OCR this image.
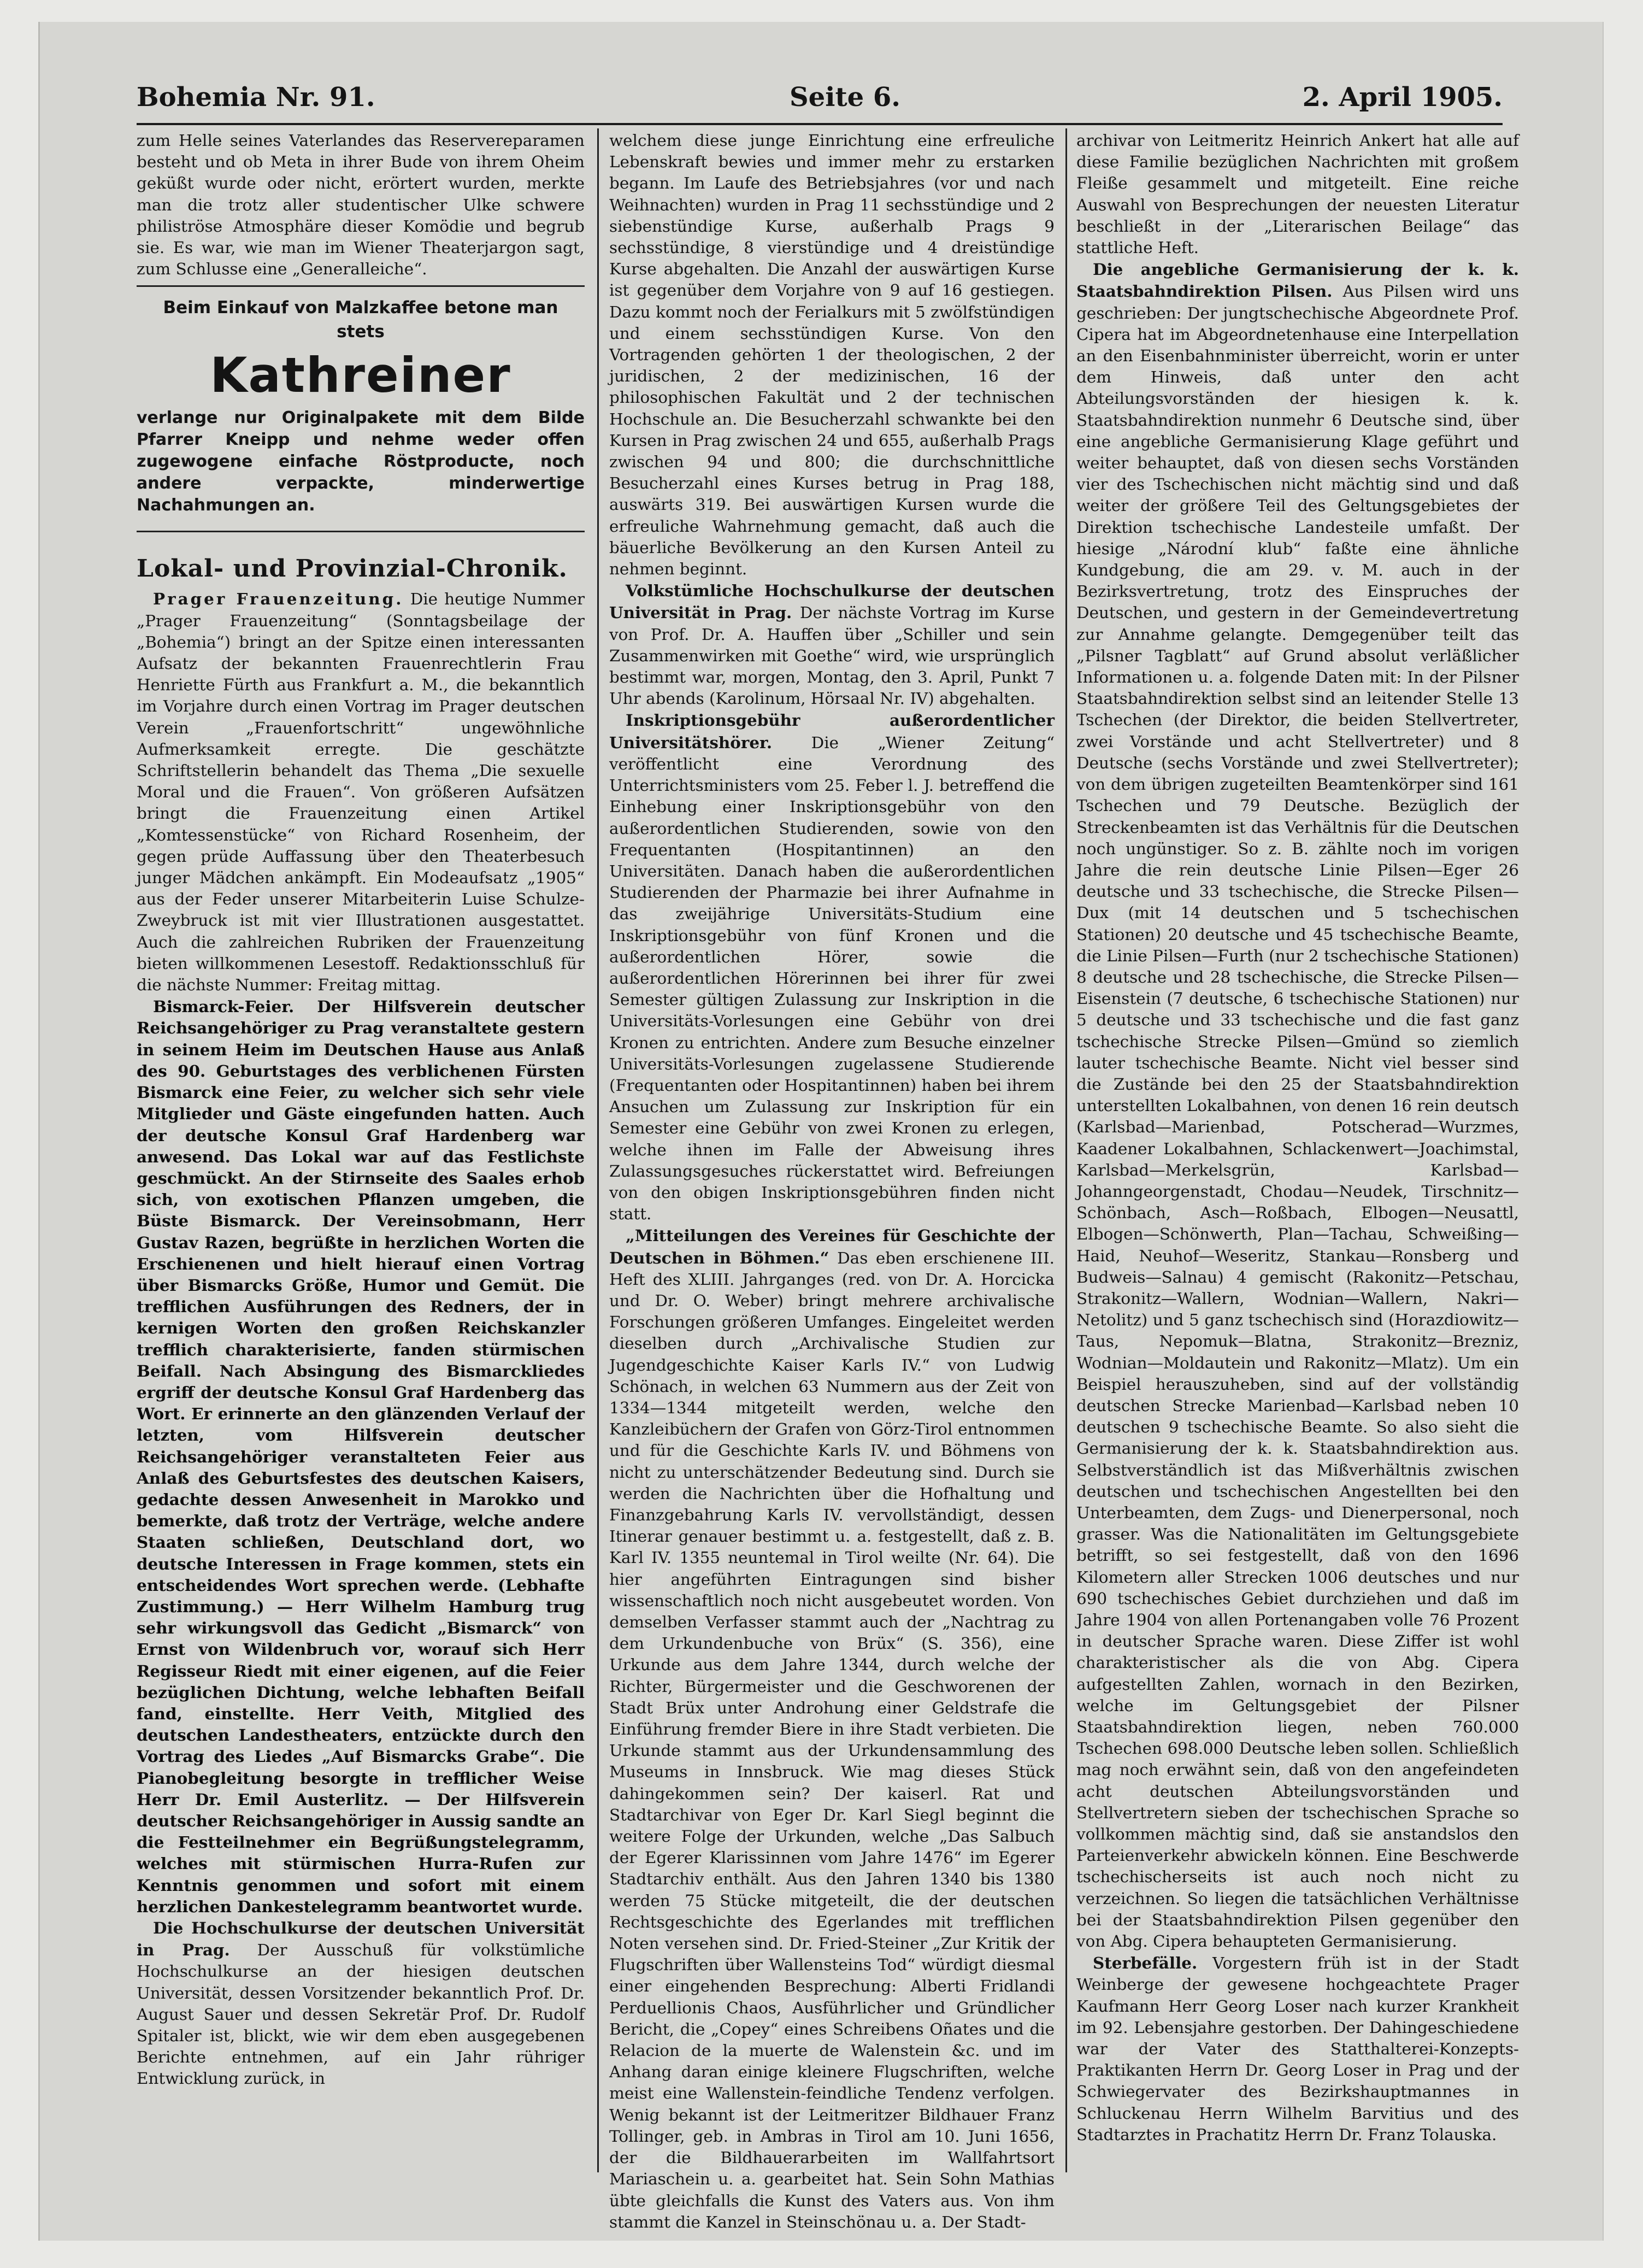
Bohemia Nr. 91.	Seite 6.	2. April 1905.

zum Helle seines Vaterlandes das Reservereparamen besteht und ob Meta in ihrer Bude von ihrem Oheim geküßt wurde oder nicht, erörtert wurden, merkte man die trotz aller studentischer Ulke schwere philiströse Atmosphäre dieser Komödie und begrub sie. Es war, wie man im Wiener Theaterjargon sagt, zum Schlusse eine „Generalleiche“.

Beim Einkauf von Malzkaffee betone man stets
Kathreiner
verlange nur Originalpakete mit dem Bilde Pfarrer Kneipp und nehme weder offen zugewogene einfache Röstproducte, noch andere verpackte, minderwertige Nachahmungen an.
Lokal- und Provinzial-Chronik.

Prager Frauenzeitung. Die heutige Nummer „Prager Frauenzeitung“ (Sonntagsbeilage der „Bohemia“) bringt an der Spitze einen interessanten Aufsatz der bekannten Frauenrechtlerin Frau Henriette Fürth aus Frankfurt a. M., die bekanntlich im Vorjahre durch einen Vortrag im Prager deutschen Verein „Frauenfortschritt“ ungewöhnliche Aufmerksamkeit erregte. Die geschätzte Schriftstellerin behandelt das Thema „Die sexuelle Moral und die Frauen“. Von größeren Aufsätzen bringt die Frauenzeitung einen Artikel „Komtessenstücke“ von Richard Rosenheim, der gegen prüde Auffassung über den Theaterbesuch junger Mädchen ankämpft. Ein Modeaufsatz „1905“ aus der Feder unserer Mitarbeiterin Luise Schulze-Zweybruck ist mit vier Illustrationen ausgestattet. Auch die zahlreichen Rubriken der Frauenzeitung bieten willkommenen Lesestoff. Redaktionsschluß für die nächste Nummer: Freitag mittag.

Bismarck-Feier. Der Hilfsverein deutscher Reichsangehöriger zu Prag veranstaltete gestern in seinem Heim im Deutschen Hause aus Anlaß des 90. Geburtstages des verblichenen Fürsten Bismarck eine Feier, zu welcher sich sehr viele Mitglieder und Gäste eingefunden hatten. Auch der deutsche Konsul Graf Hardenberg war anwesend. Das Lokal war auf das Festlichste geschmückt. An der Stirnseite des Saales erhob sich, von exotischen Pflanzen umgeben, die Büste Bismarck. Der Vereinsobmann, Herr Gustav Razen, begrüßte in herzlichen Worten die Erschienenen und hielt hierauf einen Vortrag über Bismarcks Größe, Humor und Gemüt. Die trefflichen Ausführungen des Redners, der in kernigen Worten den großen Reichskanzler trefflich charakterisierte, fanden stürmischen Beifall. Nach Absingung des Bismarckliedes ergriff der deutsche Konsul Graf Hardenberg das Wort. Er erinnerte an den glänzenden Verlauf der letzten, vom Hilfsverein deutscher Reichsangehöriger veranstalteten Feier aus Anlaß des Geburtsfestes des deutschen Kaisers, gedachte dessen Anwesenheit in Marokko und bemerkte, daß trotz der Verträge, welche andere Staaten schließen, Deutschland dort, wo deutsche Interessen in Frage kommen, stets ein entscheidendes Wort sprechen werde. (Lebhafte Zustimmung.) — Herr Wilhelm Hamburg trug sehr wirkungsvoll das Gedicht „Bismarck“ von Ernst von Wildenbruch vor, worauf sich Herr Regisseur Riedt mit einer eigenen, auf die Feier bezüglichen Dichtung, welche lebhaften Beifall fand, einstellte. Herr Veith, Mitglied des deutschen Landestheaters, entzückte durch den Vortrag des Liedes „Auf Bismarcks Grabe“. Die Pianobegleitung besorgte in trefflicher Weise Herr Dr. Emil Austerlitz. — Der Hilfsverein deutscher Reichsangehöriger in Aussig sandte an die Festteilnehmer ein Begrüßungstelegramm, welches mit stürmischen Hurra-Rufen zur Kenntnis genommen und sofort mit einem herzlichen Dankestelegramm beantwortet wurde.

Die Hochschulkurse der deutschen Universität in Prag. Der Ausschuß für volkstümliche Hochschulkurse an der hiesigen deutschen Universität, dessen Vorsitzender bekanntlich Prof. Dr. August Sauer und dessen Sekretär Prof. Dr. Rudolf Spitaler ist, blickt, wie wir dem eben ausgegebenen Berichte entnehmen, auf ein Jahr rühriger Entwicklung zurück, in

welchem diese junge Einrichtung eine erfreuliche Lebenskraft bewies und immer mehr zu erstarken begann. Im Laufe des Betriebsjahres (vor und nach Weihnachten) wurden in Prag 11 sechsstündige und 2 siebenstündige Kurse, außerhalb Prags 9 sechsstündige, 8 vierstündige und 4 dreistündige Kurse abgehalten. Die Anzahl der auswärtigen Kurse ist gegenüber dem Vorjahre von 9 auf 16 gestiegen. Dazu kommt noch der Ferialkurs mit 5 zwölfstündigen und einem sechsstündigen Kurse. Von den Vortragenden gehörten 1 der theologischen, 2 der juridischen, 2 der medizinischen, 16 der philosophischen Fakultät und 2 der technischen Hochschule an. Die Besucherzahl schwankte bei den Kursen in Prag zwischen 24 und 655, außerhalb Prags zwischen 94 und 800; die durchschnittliche Besucherzahl eines Kurses betrug in Prag 188, auswärts 319. Bei auswärtigen Kursen wurde die erfreuliche Wahrnehmung gemacht, daß auch die bäuerliche Bevölkerung an den Kursen Anteil zu nehmen beginnt.

Volkstümliche Hochschulkurse der deutschen Universität in Prag. Der nächste Vortrag im Kurse von Prof. Dr. A. Hauffen über „Schiller und sein Zusammenwirken mit Goethe“ wird, wie ursprünglich bestimmt war, morgen, Montag, den 3. April, Punkt 7 Uhr abends (Karolinum, Hörsaal Nr. IV) abgehalten.

Inskriptionsgebühr außerordentlicher Universitätshörer. Die „Wiener Zeitung“ veröffentlicht eine Verordnung des Unterrichtsministers vom 25. Feber l. J. betreffend die Einhebung einer Inskriptionsgebühr von den außerordentlichen Studierenden, sowie von den Frequentanten (Hospitantinnen) an den Universitäten. Danach haben die außerordentlichen Studierenden der Pharmazie bei ihrer Aufnahme in das zweijährige Universitäts-Studium eine Inskriptionsgebühr von fünf Kronen und die außerordentlichen Hörer, sowie die außerordentlichen Hörerinnen bei ihrer für zwei Semester gültigen Zulassung zur Inskription in die Universitäts-Vorlesungen eine Gebühr von drei Kronen zu entrichten. Andere zum Besuche einzelner Universitäts-Vorlesungen zugelassene Studierende (Frequentanten oder Hospitantinnen) haben bei ihrem Ansuchen um Zulassung zur Inskription für ein Semester eine Gebühr von zwei Kronen zu erlegen, welche ihnen im Falle der Abweisung ihres Zulassungsgesuches rückerstattet wird. Befreiungen von den obigen Inskriptionsgebühren finden nicht statt.

„Mitteilungen des Vereines für Geschichte der Deutschen in Böhmen.“ Das eben erschienene III. Heft des XLIII. Jahrganges (red. von Dr. A. Horcicka und Dr. O. Weber) bringt mehrere archivalische Forschungen größeren Umfanges. Eingeleitet werden dieselben durch „Archivalische Studien zur Jugendgeschichte Kaiser Karls IV.“ von Ludwig Schönach, in welchen 63 Nummern aus der Zeit von 1334—1344 mitgeteilt werden, welche den Kanzleibüchern der Grafen von Görz-Tirol entnommen und für die Geschichte Karls IV. und Böhmens von nicht zu unterschätzender Bedeutung sind. Durch sie werden die Nachrichten über die Hofhaltung und Finanzgebahrung Karls IV. vervollständigt, dessen Itinerar genauer bestimmt u. a. festgestellt, daß z. B. Karl IV. 1355 neuntemal in Tirol weilte (Nr. 64). Die hier angeführten Eintragungen sind bisher wissenschaftlich noch nicht ausgebeutet worden. Von demselben Verfasser stammt auch der „Nachtrag zu dem Urkundenbuche von Brüx“ (S. 356), eine Urkunde aus dem Jahre 1344, durch welche der Richter, Bürgermeister und die Geschworenen der Stadt Brüx unter Androhung einer Geldstrafe die Einführung fremder Biere in ihre Stadt verbieten. Die Urkunde stammt aus der Urkundensammlung des Museums in Innsbruck. Wie mag dieses Stück dahingekommen sein? Der kaiserl. Rat und Stadtarchivar von Eger Dr. Karl Siegl beginnt die weitere Folge der Urkunden, welche „Das Salbuch der Egerer Klarissinnen vom Jahre 1476“ im Egerer Stadtarchiv enthält. Aus den Jahren 1340 bis 1380 werden 75 Stücke mitgeteilt, die der deutschen Rechtsgeschichte des Egerlandes mit trefflichen Noten versehen sind. Dr. Fried-Steiner „Zur Kritik der Flugschriften über Wallensteins Tod“ würdigt diesmal einer eingehenden Besprechung: Alberti Fridlandi Perduellionis Chaos, Ausführlicher und Gründlicher Bericht, die „Copey“ eines Schreibens Oñates und die Relacion de la muerte de Walenstein &c. und im Anhang daran einige kleinere Flugschriften, welche meist eine Wallenstein-feindliche Tendenz verfolgen. Wenig bekannt ist der Leitmeritzer Bildhauer Franz Tollinger, geb. in Ambras in Tirol am 10. Juni 1656, der die Bildhauerarbeiten im Wallfahrtsort Mariaschein u. a. gearbeitet hat. Sein Sohn Mathias übte gleichfalls die Kunst des Vaters aus. Von ihm stammt die Kanzel in Steinschönau u. a. Der Stadt-

archivar von Leitmeritz Heinrich Ankert hat alle auf diese Familie bezüglichen Nachrichten mit großem Fleiße gesammelt und mitgeteilt. Eine reiche Auswahl von Besprechungen der neuesten Literatur beschließt in der „Literarischen Beilage“ das stattliche Heft.

Die angebliche Germanisierung der k. k. Staatsbahndirektion Pilsen. Aus Pilsen wird uns geschrieben: Der jungtschechische Abgeordnete Prof. Cipera hat im Abgeordnetenhause eine Interpellation an den Eisenbahnminister überreicht, worin er unter dem Hinweis, daß unter den acht Abteilungsvorständen der hiesigen k. k. Staatsbahndirektion nunmehr 6 Deutsche sind, über eine angebliche Germanisierung Klage geführt und weiter behauptet, daß von diesen sechs Vorständen vier des Tschechischen nicht mächtig sind und daß weiter der größere Teil des Geltungsgebietes der Direktion tschechische Landesteile umfaßt. Der hiesige „Národní klub“ faßte eine ähnliche Kundgebung, die am 29. v. M. auch in der Bezirksvertretung, trotz des Einspruches der Deutschen, und gestern in der Gemeindevertretung zur Annahme gelangte. Demgegenüber teilt das „Pilsner Tagblatt“ auf Grund absolut verläßlicher Informationen u. a. folgende Daten mit: In der Pilsner Staatsbahndirektion selbst sind an leitender Stelle 13 Tschechen (der Direktor, die beiden Stellvertreter, zwei Vorstände und acht Stellvertreter) und 8 Deutsche (sechs Vorstände und zwei Stellvertreter); von dem übrigen zugeteilten Beamtenkörper sind 161 Tschechen und 79 Deutsche. Bezüglich der Streckenbeamten ist das Verhältnis für die Deutschen noch ungünstiger. So z. B. zählte noch im vorigen Jahre die rein deutsche Linie Pilsen—Eger 26 deutsche und 33 tschechische, die Strecke Pilsen—Dux (mit 14 deutschen und 5 tschechischen Stationen) 20 deutsche und 45 tschechische Beamte, die Linie Pilsen—Furth (nur 2 tschechische Stationen) 8 deutsche und 28 tschechische, die Strecke Pilsen—Eisenstein (7 deutsche, 6 tschechische Stationen) nur 5 deutsche und 33 tschechische und die fast ganz tschechische Strecke Pilsen—Gmünd so ziemlich lauter tschechische Beamte. Nicht viel besser sind die Zustände bei den 25 der Staatsbahndirektion unterstellten Lokalbahnen, von denen 16 rein deutsch (Karlsbad—Marienbad, Potscherad—Wurzmes, Kaadener Lokalbahnen, Schlackenwert—Joachimstal, Karlsbad—Merkelsgrün, Karlsbad—Johanngeorgenstadt, Chodau—Neudek, Tirschnitz—Schönbach, Asch—Roßbach, Elbogen—Neusattl, Elbogen—Schönwerth, Plan—Tachau, Schweißing—Haid, Neuhof—Weseritz, Stankau—Ronsberg und Budweis—Salnau) 4 gemischt (Rakonitz—Petschau, Strakonitz—Wallern, Wodnian—Wallern, Nakri—Netolitz) und 5 ganz tschechisch sind (Horazdiowitz—Taus, Nepomuk—Blatna, Strakonitz—Brezniz, Wodnian—Moldautein und Rakonitz—Mlatz). Um ein Beispiel herauszuheben, sind auf der vollständig deutschen Strecke Marienbad—Karlsbad neben 10 deutschen 9 tschechische Beamte. So also sieht die Germanisierung der k. k. Staatsbahndirektion aus. Selbstverständlich ist das Mißverhältnis zwischen deutschen und tschechischen Angestellten bei den Unterbeamten, dem Zugs- und Dienerpersonal, noch grasser. Was die Nationalitäten im Geltungsgebiete betrifft, so sei festgestellt, daß von den 1696 Kilometern aller Strecken 1006 deutsches und nur 690 tschechisches Gebiet durchziehen und daß im Jahre 1904 von allen Portenangaben volle 76 Prozent in deutscher Sprache waren. Diese Ziffer ist wohl charakteristischer als die von Abg. Cipera aufgestellten Zahlen, wornach in den Bezirken, welche im Geltungsgebiet der Pilsner Staatsbahndirektion liegen, neben 760.000 Tschechen 698.000 Deutsche leben sollen. Schließlich mag noch erwähnt sein, daß von den angefeindeten acht deutschen Abteilungsvorständen und Stellvertretern sieben der tschechischen Sprache so vollkommen mächtig sind, daß sie anstandslos den Parteienverkehr abwickeln können. Eine Beschwerde tschechischerseits ist auch noch nicht zu verzeichnen. So liegen die tatsächlichen Verhältnisse bei der Staatsbahndirektion Pilsen gegenüber den von Abg. Cipera behaupteten Germanisierung.

Sterbefälle. Vorgestern früh ist in der Stadt Weinberge der gewesene hochgeachtete Prager Kaufmann Herr Georg Loser nach kurzer Krankheit im 92. Lebensjahre gestorben. Der Dahingeschiedene war der Vater des Statthalterei-Konzepts-Praktikanten Herrn Dr. Georg Loser in Prag und der Schwiegervater des Bezirkshauptmannes in Schluckenau Herrn Wilhelm Barvitius und des Stadtarztes in Prachatitz Herrn Dr. Franz Tolauska.
